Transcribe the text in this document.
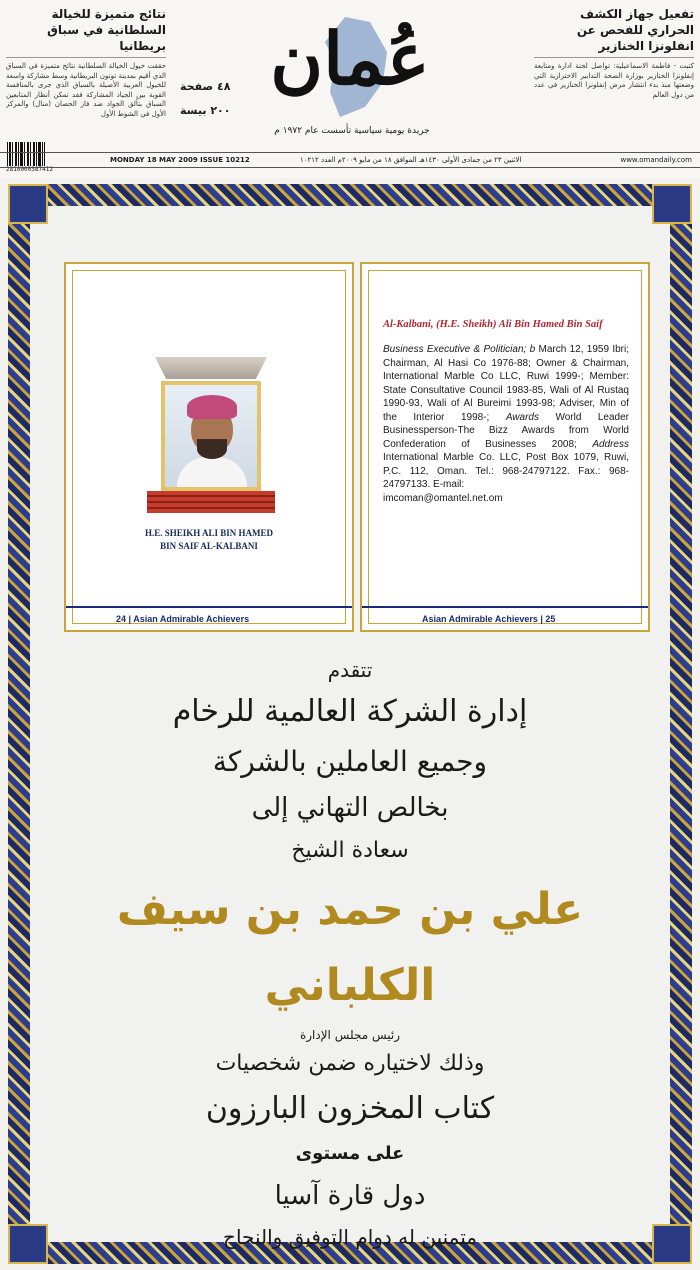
نتائج متميزة للخيالة السلطانية في سباق بريطانيا
حققت خيول الخيالة السلطانية نتائج متميزة في السباق الذي أقيم بمدينة توتون البريطانية وسط مشاركة واسعة للخيول العربية الأصيلة بالسباق الذي جرى بالمنافسة القوية بين الجياد المشاركة فقد تمكن أنظار المتابعين السباق بتألق الجواد ضد فاز الحصان (منال) والمركز الأول في الشوط الأول
2810000387412
٤٨ صفحة
٢٠٠ بيسة
عُمان
جريدة يومية سياسية تأسست عام ١٩٧٢ م
تفعيل جهاز الكشف الحراري للفحص عن انفلونزا الخنازير
كتبت - فاطمة الاسماعيلية: تواصل لجنة ادارة ومتابعة إنفلونزا الخنازير بوزارة الصحة التدابير الاحترازية التي وضعتها منذ بدء انتشار مرض إنفلونزا الخنازير في عدد من دول العالم
MONDAY 18 MAY 2009 ISSUE 10212	الاثنين ٢٣ من جمادى الأولى ١٤٣٠هـ الموافق ١٨ من مايو ٢٠٠٩م العدد ١٠٢١٢	www.omandaily.com
H.E. SHEIKH ALI BIN HAMED
BIN SAIF AL-KALBANI
24 | Asian Admirable Achievers
Al-Kalbani, (H.E. Sheikh) Ali Bin Hamed Bin Saif
Business Executive & Politician; b March 12, 1959 Ibri; Chairman, Al Hasi Co 1976-88; Owner & Chairman, International Marble Co LLC, Ruwi 1999-; Member: State Consultative Council 1983-85, Wali of Al Rustaq 1990-93, Wali of Al Bureimi 1993-98; Adviser, Min of the Interior 1998-; Awards World Leader Businessperson-The Bizz Awards from World Confederation of Businesses 2008; Address International Marble Co. LLC, Post Box 1079, Ruwi, P.C. 112, Oman. Tel.: 968-24797122. Fax.: 968-24797133. E-mail:
imcoman@omantel.net.om
Asian Admirable Achievers | 25
تتقدم
إدارة الشركة العالمية للرخام
وجميع العاملين بالشركة
بخالص التهاني إلى
سعادة الشيخ
علي بن حمد بن سيف الكلباني
رئيس مجلس الإدارة
وذلك لاختياره ضمن شخصيات
كتاب المخزون البارزون
على مستوى
دول قارة آسيا
متمنين له دوام التوفيق والنجاح
